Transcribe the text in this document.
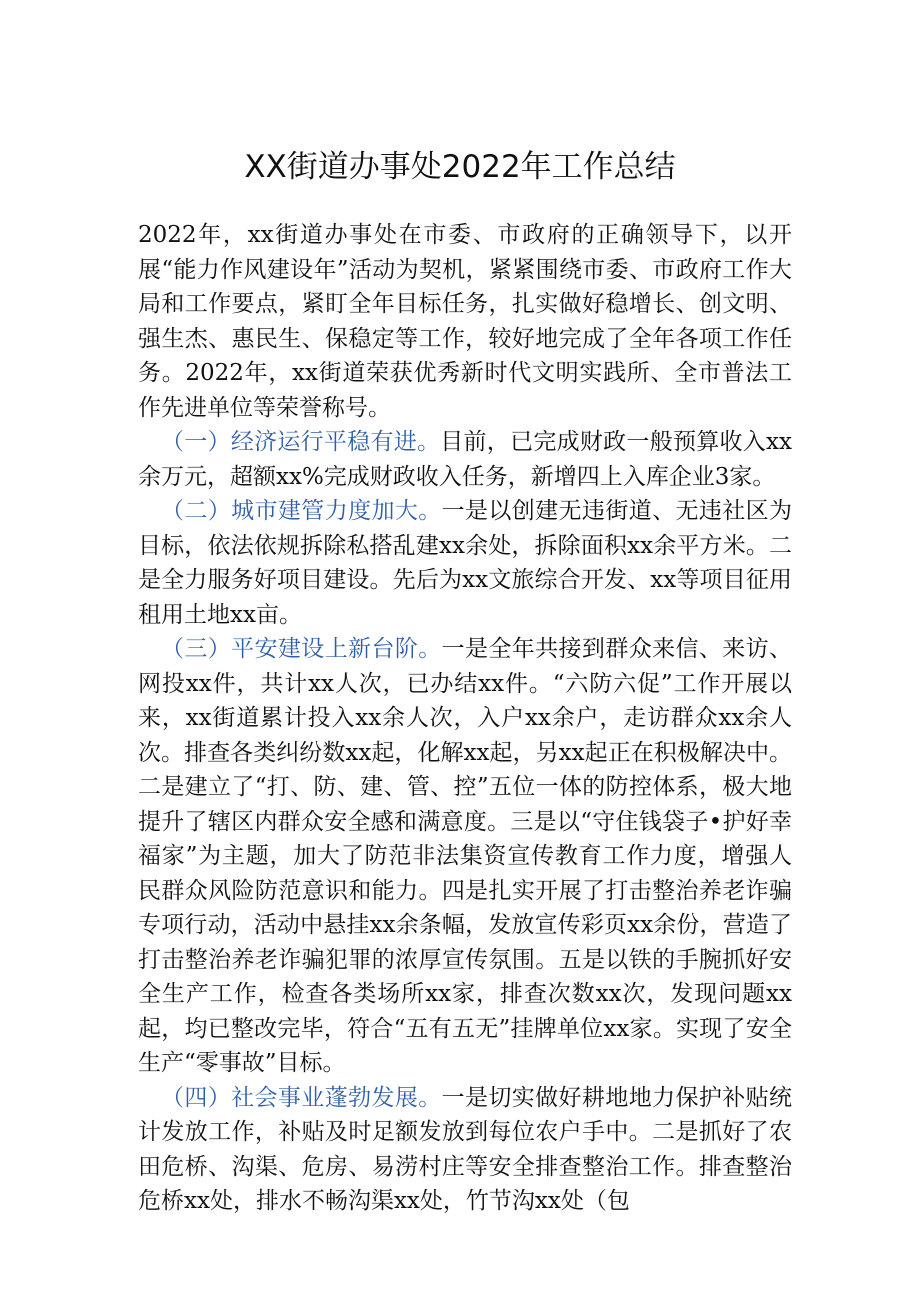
XX街道办事处2022年工作总结

2022年，xx街道办事处在市委、市政府的正确领导下，以开展“能力作风建设年”活动为契机，紧紧围绕市委、市政府工作大局和工作要点，紧盯全年目标任务，扎实做好稳增长、创文明、强生杰、惠民生、保稳定等工作，较好地完成了全年各项工作任务。2022年，xx街道荣获优秀新时代文明实践所、全市普法工作先进单位等荣誉称号。

（一）经济运行平稳有进。目前，已完成财政一般预算收入xx余万元，超额xx%完成财政收入任务，新增四上入库企业3家。

（二）城市建管力度加大。一是以创建无违街道、无违社区为目标，依法依规拆除私搭乱建xx余处，拆除面积xx余平方米。二是全力服务好项目建设。先后为xx文旅综合开发、xx等项目征用租用土地xx亩。

（三）平安建设上新台阶。一是全年共接到群众来信、来访、网投xx件，共计xx人次，已办结xx件。“六防六促”工作开展以来，xx街道累计投入xx余人次，入户xx余户，走访群众xx余人次。排查各类纠纷数xx起，化解xx起，另xx起正在积极解决中。二是建立了“打、防、建、管、控”五位一体的防控体系，极大地提升了辖区内群众安全感和满意度。三是以“守住钱袋子•护好幸福家”为主题，加大了防范非法集资宣传教育工作力度，增强人民群众风险防范意识和能力。四是扎实开展了打击整治养老诈骗专项行动，活动中悬挂xx余条幅，发放宣传彩页xx余份，营造了打击整治养老诈骗犯罪的浓厚宣传氛围。五是以铁的手腕抓好安全生产工作，检查各类场所xx家，排查次数xx次，发现问题xx起，均已整改完毕，符合“五有五无”挂牌单位xx家。实现了安全生产“零事故”目标。

（四）社会事业蓬勃发展。一是切实做好耕地地力保护补贴统计发放工作，补贴及时足额发放到每位农户手中。二是抓好了农田危桥、沟渠、危房、易涝村庄等安全排查整治工作。排查整治危桥xx处，排水不畅沟渠xx处，竹节沟xx处（包
